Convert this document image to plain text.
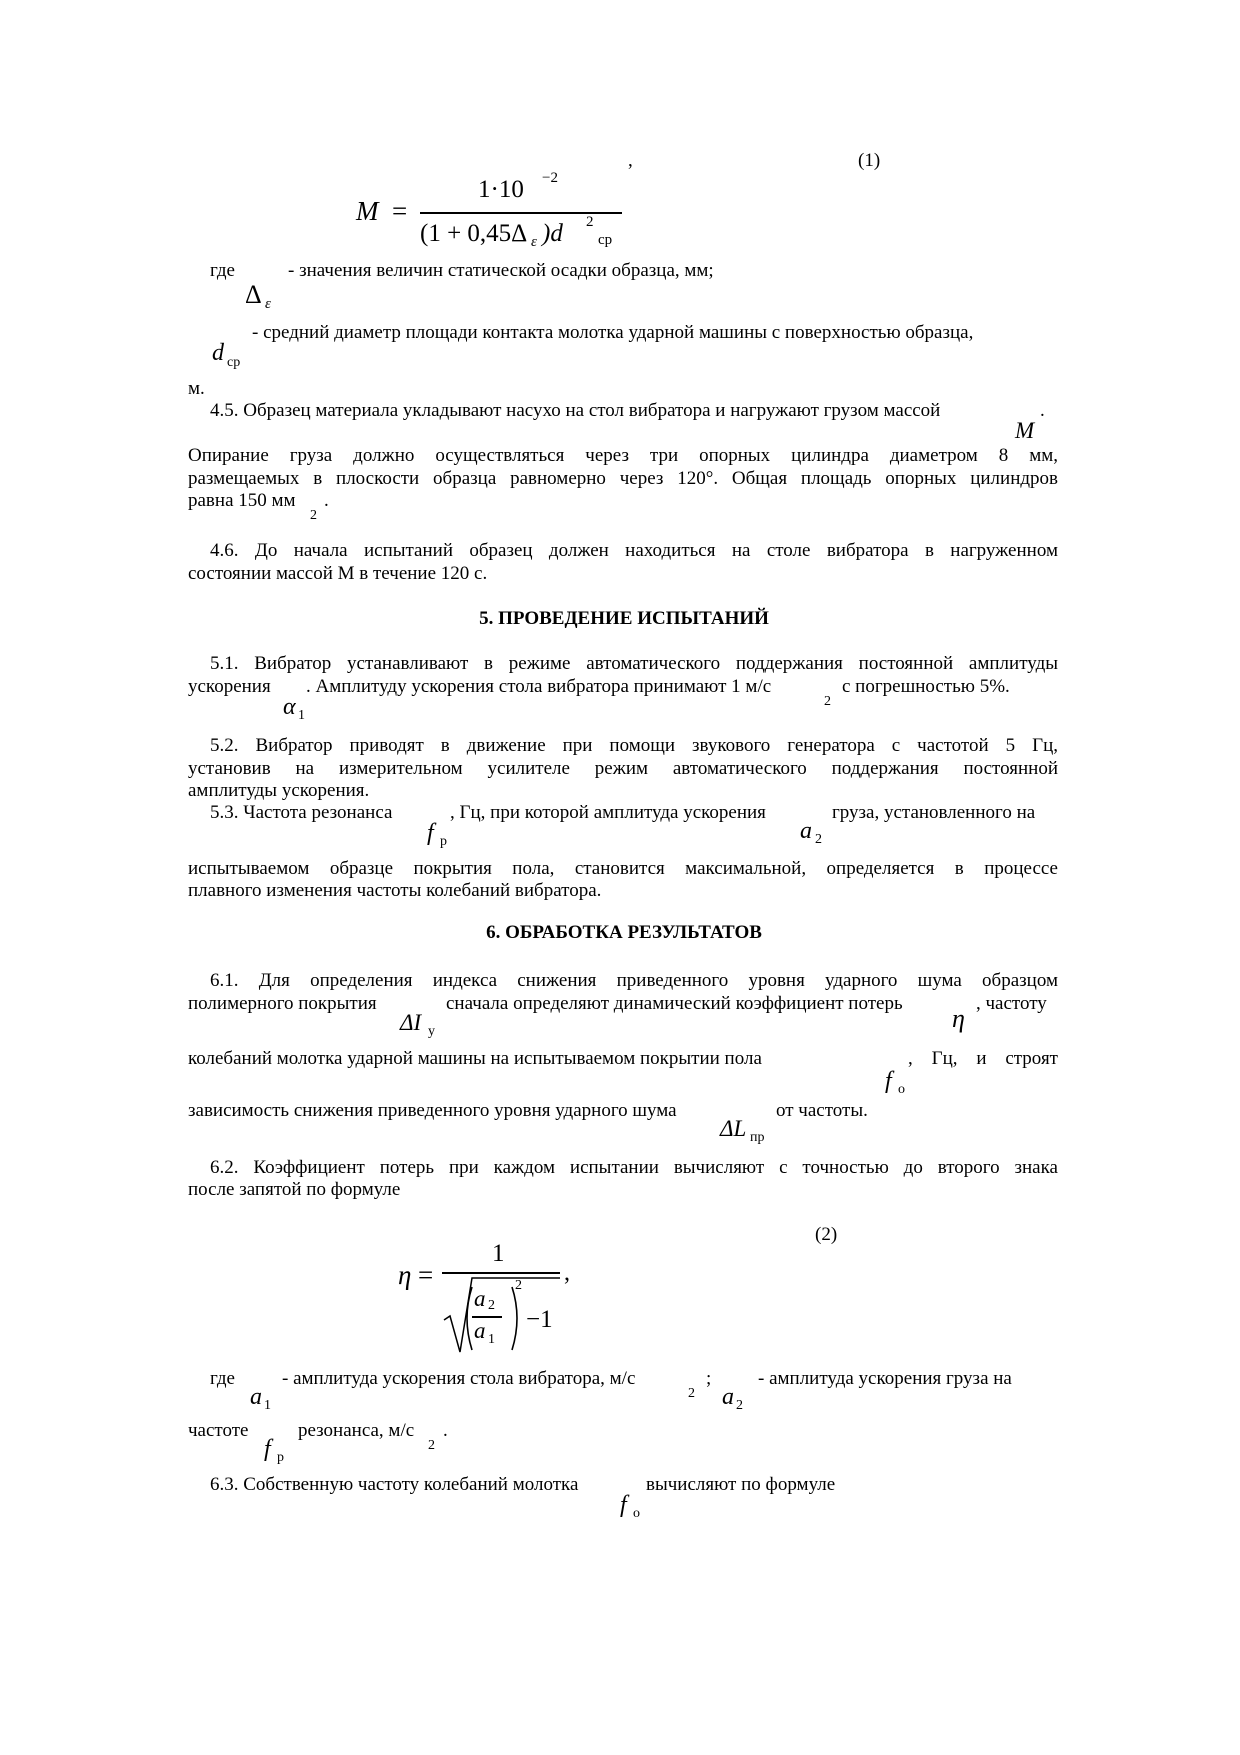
,	(1)
M =
1·10 −2
(1 + 0,45Δ ε )d 2
ср
где	- значения величин статической осадки образца, мм;
Δ ε
- средний диаметр площади контакта молотка ударной машины с поверхностью образца,
d ср
м.
4.5. Образец материала укладывают насухо на стол вибратора и нагружают грузом массой	.
M
Опирание груза должно осуществляться через три опорных цилиндра диаметром 8 мм,
размещаемых в плоскости образца равномерно через 120°. Общая площадь опорных цилиндров
равна 150 мм
2
.
4.6. До начала испытаний образец должен находиться на столе вибратора в нагруженном
состоянии массой М в течение 120 с.
5. ПРОВЕДЕНИЕ ИСПЫТАНИЙ
5.1. Вибратор устанавливают в режиме автоматического поддержания постоянной амплитуды
ускорения . Амплитуду ускорения стола вибратора принимают 1 м/с
2
с погрешностью 5%.
α 1
5.2. Вибратор приводят в движение при помощи звукового генератора с частотой 5 Гц,
установив на измерительном усилителе режим автоматического поддержания постоянной
амплитуды ускорения.
5.3. Частота резонанса	, Гц, при которой амплитуда ускорения	груза, установленного на
f р	a 2
испытываемом образце покрытия пола, становится максимальной, определяется в процессе
плавного изменения частоты колебаний вибратора.
6. ОБРАБОТКА РЕЗУЛЬТАТОВ
6.1. Для определения индекса снижения приведенного уровня ударного шума образцом
полимерного покрытия	сначала определяют динамический коэффициент потерь	, частоту
ΔI у	η
колебаний молотка ударной машины на испытываемом покрытии пола	, Гц, и строят
f о
зависимость снижения приведенного уровня ударного шума	от частоты.
ΔL пр
6.2. Коэффициент потерь при каждом испытании вычисляют с точностью до второго знака
после запятой по формуле
(2)
η =
1
,
a 2
a 1
2
−1
где - амплитуда ускорения стола вибратора, м/с
2
; - амплитуда ускорения груза на
a 1	a 2
частоте
f р
резонанса, м/с
2
.
6.3. Собственную частоту колебаний молотка	вычисляют по формуле
f о
